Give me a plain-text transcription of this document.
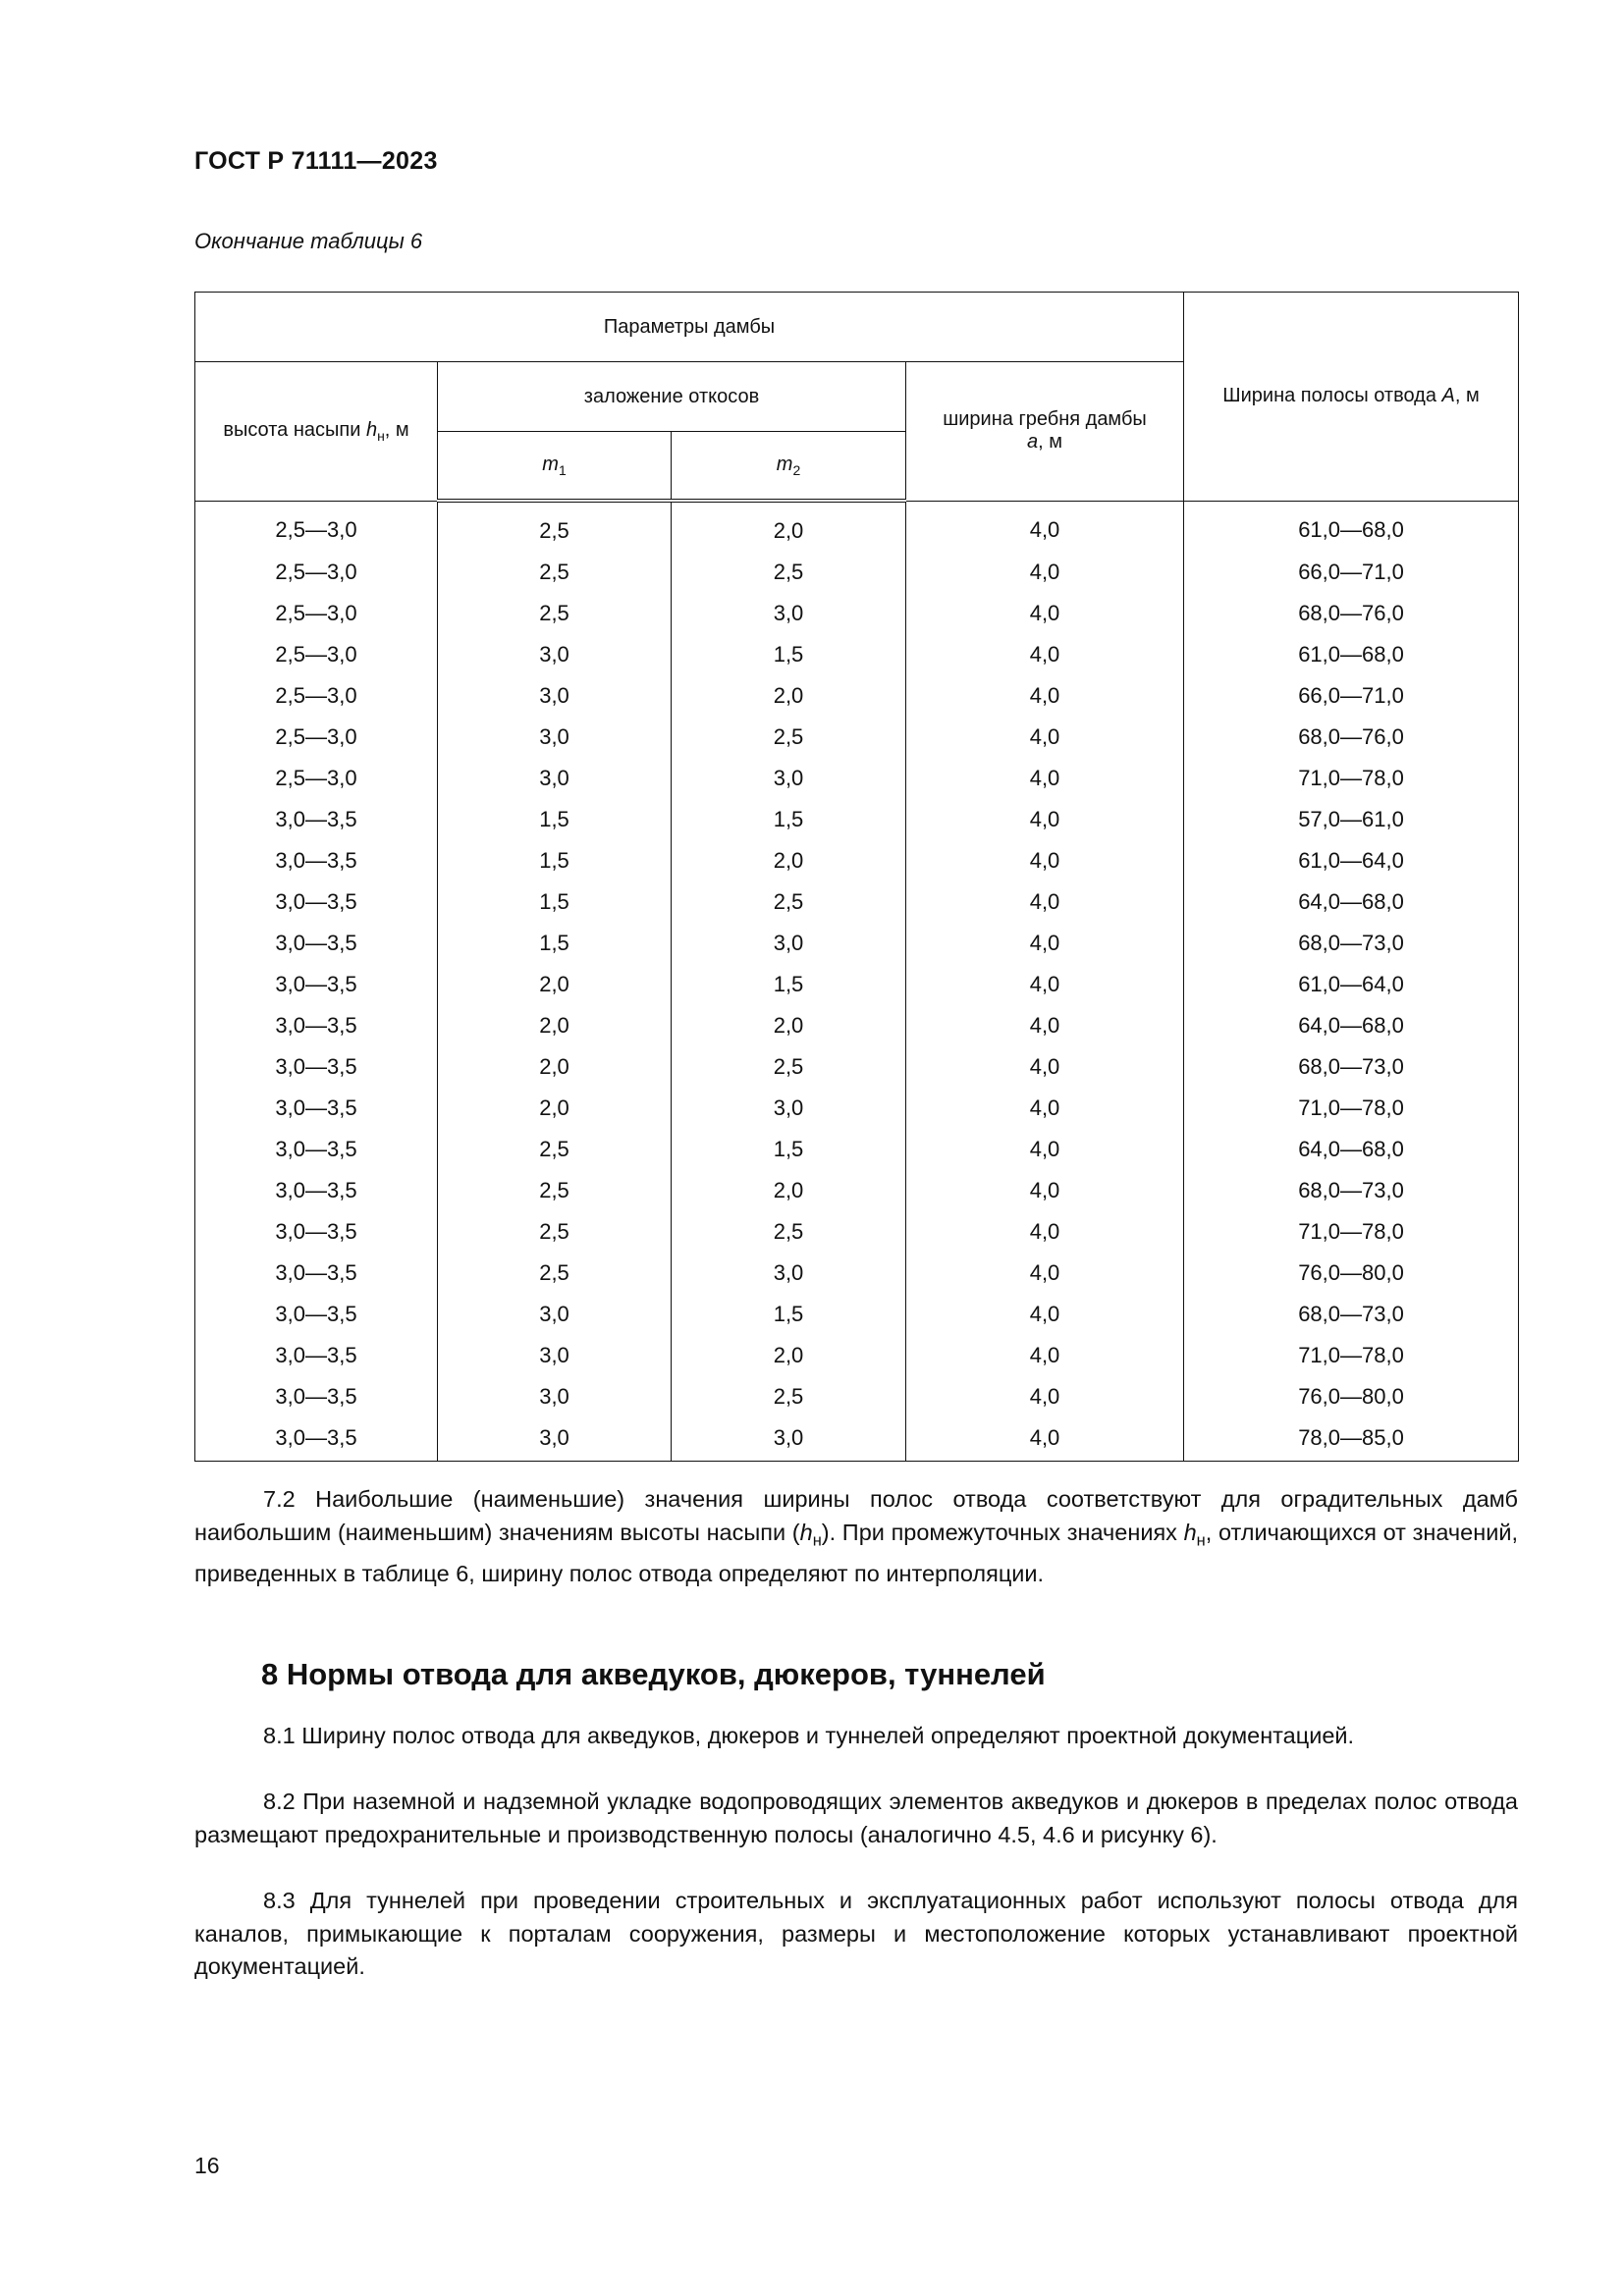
ГОСТ Р 71111—2023
Окончание таблицы 6
Параметры дамбы				Ширина полосы отвода A, м
высота насыпи $h_н$, м	заложение откосов		ширина гребня дамбы
a, м	
	$m_1$	$m_2$
2,5—3,0	2,5	2,0	4,0	61,0—68,0
2,5—3,0	2,5	2,5	4,0	66,0—71,0
2,5—3,0	2,5	3,0	4,0	68,0—76,0
2,5—3,0	3,0	1,5	4,0	61,0—68,0
2,5—3,0	3,0	2,0	4,0	66,0—71,0
2,5—3,0	3,0	2,5	4,0	68,0—76,0
2,5—3,0	3,0	3,0	4,0	71,0—78,0
3,0—3,5	1,5	1,5	4,0	57,0—61,0
3,0—3,5	1,5	2,0	4,0	61,0—64,0
3,0—3,5	1,5	2,5	4,0	64,0—68,0
3,0—3,5	1,5	3,0	4,0	68,0—73,0
3,0—3,5	2,0	1,5	4,0	61,0—64,0
3,0—3,5	2,0	2,0	4,0	64,0—68,0
3,0—3,5	2,0	2,5	4,0	68,0—73,0
3,0—3,5	2,0	3,0	4,0	71,0—78,0
3,0—3,5	2,5	1,5	4,0	64,0—68,0
3,0—3,5	2,5	2,0	4,0	68,0—73,0
3,0—3,5	2,5	2,5	4,0	71,0—78,0
3,0—3,5	2,5	3,0	4,0	76,0—80,0
3,0—3,5	3,0	1,5	4,0	68,0—73,0
3,0—3,5	3,0	2,0	4,0	71,0—78,0
3,0—3,5	3,0	2,5	4,0	76,0—80,0
3,0—3,5	3,0	3,0	4,0	78,0—85,0
7.2 Наибольшие (наименьшие) значения ширины полос отвода соответствуют для оградительных дамб наибольшим (наименьшим) значениям высоты насыпи $(h_н)$. При промежуточных значениях $h_н$, отличающихся от значений, приведенных в таблице 6, ширину полос отвода определяют по интерполяции.
8 Нормы отвода для акведуков, дюкеров, туннелей
8.1 Ширину полос отвода для акведуков, дюкеров и туннелей определяют проектной документацией.
8.2 При наземной и надземной укладке водопроводящих элементов акведуков и дюкеров в пределах полос отвода размещают предохранительные и производственную полосы (аналогично 4.5, 4.6 и рисунку 6).
8.3 Для туннелей при проведении строительных и эксплуатационных работ используют полосы отвода для каналов, примыкающие к порталам сооружения, размеры и местоположение которых устанавливают проектной документацией.
16
